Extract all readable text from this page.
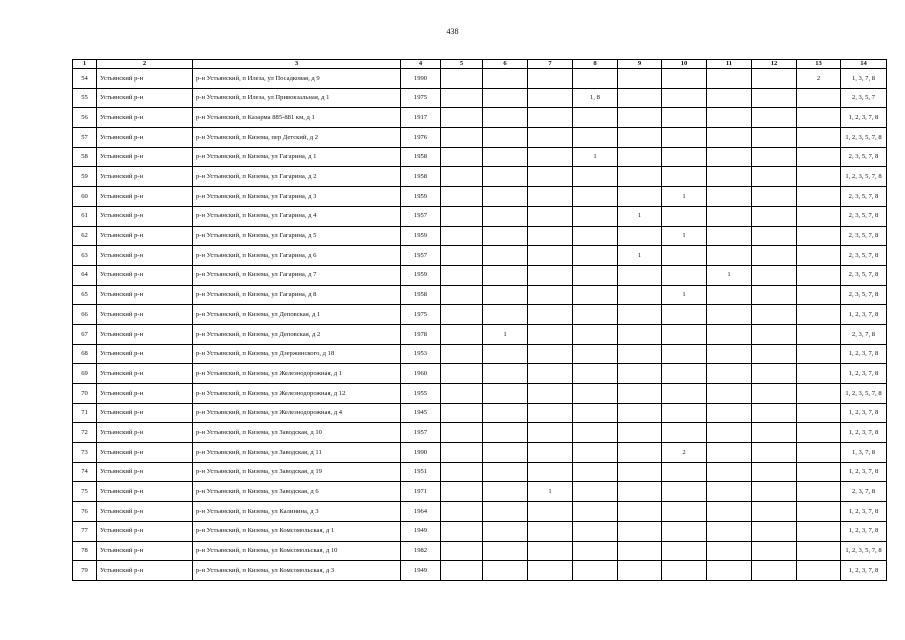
438
1	2	3	4	5	6	7	8	9	10	11	12	13	14
54	Устьянский р-н	р-н Устьянский, п Илеза, ул Посадковая, д 9	1990									2	1, 3, 7, 8
55	Устьянский р-н	р-н Устьянский, п Илеза, ул Привокзальная, д 1	1975				1, 8						2, 3, 5, 7
56	Устьянский р-н	р-н Устьянский, п Казарма 885-881 км, д 1	1917										1, 2, 3, 7, 8
57	Устьянский р-н	р-н Устьянский, п Кизема, пер Детский, д 2	1976										1, 2, 3, 5, 7, 8
58	Устьянский р-н	р-н Устьянский, п Кизема, ул Гагарина, д 1	1958				1						2, 3, 5, 7, 8
59	Устьянский р-н	р-н Устьянский, п Кизема, ул Гагарина, д 2	1958										1, 2, 3, 5, 7, 8
60	Устьянский р-н	р-н Устьянский, п Кизема, ул Гагарина, д 3	1959						1				2, 3, 5, 7, 8
61	Устьянский р-н	р-н Устьянский, п Кизема, ул Гагарина, д 4	1957					1					2, 3, 5, 7, 8
62	Устьянский р-н	р-н Устьянский, п Кизема, ул Гагарина, д 5	1959						1				2, 3, 5, 7, 8
63	Устьянский р-н	р-н Устьянский, п Кизема, ул Гагарина, д 6	1957					1					2, 3, 5, 7, 8
64	Устьянский р-н	р-н Устьянский, п Кизема, ул Гагарина, д 7	1959							1			2, 3, 5, 7, 8
65	Устьянский р-н	р-н Устьянский, п Кизема, ул Гагарина, д 8	1958						1				2, 3, 5, 7, 8
66	Устьянский р-н	р-н Устьянский, п Кизема, ул Деповская, д 1	1975										1, 2, 3, 7, 8
67	Устьянский р-н	р-н Устьянский, п Кизема, ул Деповская, д 2	1978		1								2, 3, 7, 8
68	Устьянский р-н	р-н Устьянский, п Кизема, ул Дзержинского, д 18	1953										1, 2, 3, 7, 8
69	Устьянский р-н	р-н Устьянский, п Кизема, ул Железнодорожная, д 1	1960										1, 2, 3, 7, 8
70	Устьянский р-н	р-н Устьянский, п Кизема, ул Железнодорожная, д 12	1955										1, 2, 3, 5, 7, 8
71	Устьянский р-н	р-н Устьянский, п Кизема, ул Железнодорожная, д 4	1945										1, 2, 3, 7, 8
72	Устьянский р-н	р-н Устьянский, п Кизема, ул Заводская, д 10	1957										1, 2, 3, 7, 8
73	Устьянский р-н	р-н Устьянский, п Кизема, ул Заводская, д 11	1990						2				1, 3, 7, 8
74	Устьянский р-н	р-н Устьянский, п Кизема, ул Заводская, д 19	1951										1, 2, 3, 7, 8
75	Устьянский р-н	р-н Устьянский, п Кизема, ул Заводская, д 6	1971			1							2, 3, 7, 8
76	Устьянский р-н	р-н Устьянский, п Кизема, ул Калинина, д 3	1964										1, 2, 3, 7, 8
77	Устьянский р-н	р-н Устьянский, п Кизема, ул Комсомольская, д 1	1949										1, 2, 3, 7, 8
78	Устьянский р-н	р-н Устьянский, п Кизема, ул Комсомольская, д 10	1982										1, 2, 3, 5, 7, 8
79	Устьянский р-н	р-н Устьянский, п Кизема, ул Комсомольская, д 3	1949										1, 2, 3, 7, 8
